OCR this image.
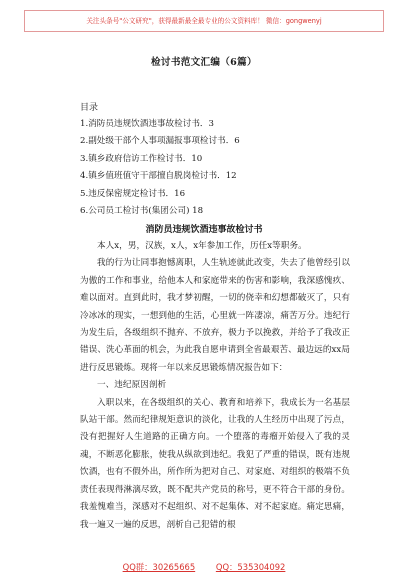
关注头条号"公文研究"，获得最新最全最专业的公文资料库！ 微信：gongwenyj
检讨书范文汇编（6篇）
目录
1.消防员违规饮酒违事故检讨书．3
2.副处级干部个人事项漏报事项检讨书．6
3.镇乡政府信访工作检讨书．10
4.镇乡值班值守干部擅自脱岗检讨书．12
5.违反保密规定检讨书．16
6.公司员工检讨书(集团公司) 18
消防员违规饮酒违事故检讨书

本人x，男，汉族，x人，x年参加工作，历任x等职务。

我的行为让同事抱憾离职，人生轨迹就此改变，失去了他曾经引以为傲的工作和事业，给他本人和家庭带来的伤害和影响，我深感愧疚、难以面对。直到此时，我才梦初醒，一切的侥幸和幻想都破灭了，只有冷冰冰的现实，一想到他的生活，心里就一阵凄凉，痛苦万分。违纪行为发生后，各级组织不抛弃、不放弃，极力予以挽救，并给予了我改正错误、洗心革面的机会，为此我自愿申请到全省最艰苦、最边远的xx局进行反思锻炼。现将一年以来反思锻炼情况报告如下：

一、违纪原因剖析

入职以来，在各级组织的关心、教育和培养下，我成长为一名基层队站干部。然而纪律规矩意识的淡化，让我的人生经历中出现了污点，没有把握好人生道路的正确方向。一个堕落的毒瘤开始侵入了我的灵魂，不断恶化膨胀，使我从纵欲到违纪。我犯了严重的错误，既有违规饮酒，也有不假外出，所作所为把对自己、对家庭、对组织的极端不负责任表现得淋漓尽致，既不配共产党员的称号，更不符合干部的身份。我羞愧难当，深感对不起组织、对不起集体、对不起家庭。痛定思痛，我一遍又一遍的反思，剖析自己犯错的根

QQ群：30265665 QQ：535304092
